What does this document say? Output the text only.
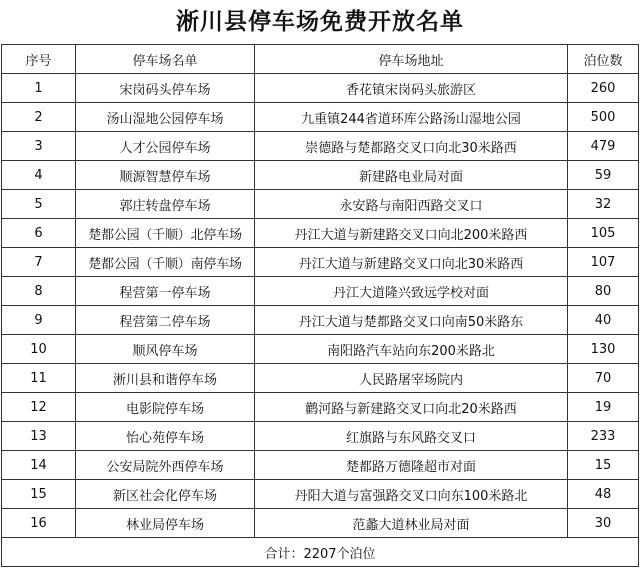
淅川县停车场免费开放名单
序号	停车场名单	停车场地址	泊位数
1	宋岗码头停车场	香花镇宋岗码头旅游区	260
2	汤山湿地公园停车场	九重镇244省道环库公路汤山湿地公园	500
3	人才公园停车场	崇德路与楚都路交叉口向北30米路西	479
4	顺源智慧停车场	新建路电业局对面	59
5	郭庄转盘停车场	永安路与南阳西路交叉口	32
6	楚都公园（千顺）北停车场	丹江大道与新建路交叉口向北200米路西	105
7	楚都公园（千顺）南停车场	丹江大道与新建路交叉口向北30米路西	107
8	程营第一停车场	丹江大道隆兴致远学校对面	80
9	程营第二停车场	丹江大道与楚都路交叉口向南50米路东	40
10	顺风停车场	南阳路汽车站向东200米路北	130
11	淅川县和谐停车场	人民路屠宰场院内	70
12	电影院停车场	鹳河路与新建路交叉口向北20米路西	19
13	怡心苑停车场	红旗路与东风路交叉口	233
14	公安局院外西停车场	楚都路万德隆超市对面	15
15	新区社会化停车场	丹阳大道与富强路交叉口向东100米路北	48
16	林业局停车场	范蠡大道林业局对面	30
合计：2207个泊位			
